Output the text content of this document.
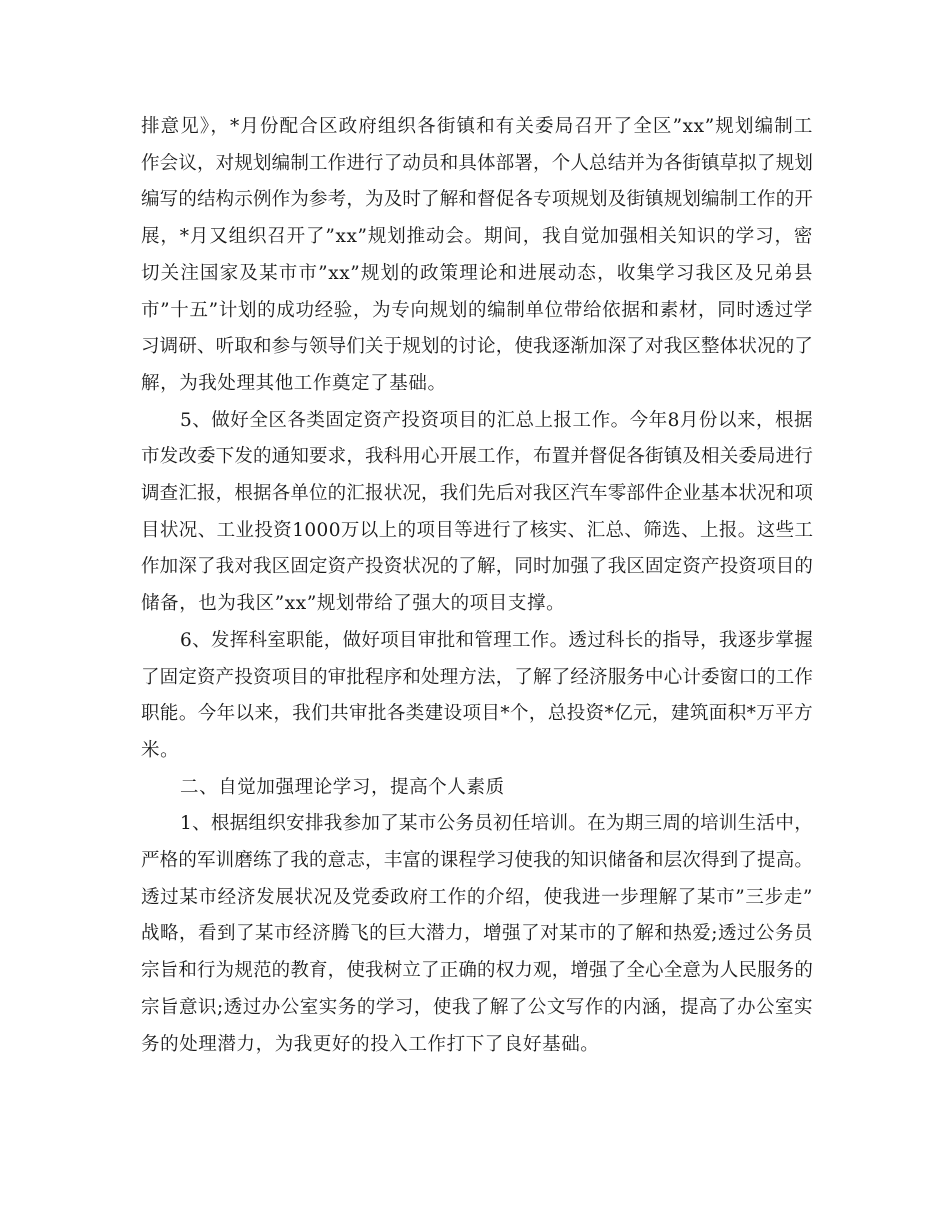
排意见》，*月份配合区政府组织各街镇和有关委局召开了全区”xx”规划编制工
作会议，对规划编制工作进行了动员和具体部署，个人总结并为各街镇草拟了规划
编写的结构示例作为参考，为及时了解和督促各专项规划及街镇规划编制工作的开
展，*月又组织召开了”xx”规划推动会。期间，我自觉加强相关知识的学习，密
切关注国家及某市市”xx”规划的政策理论和进展动态，收集学习我区及兄弟县
市”十五”计划的成功经验，为专向规划的编制单位带给依据和素材，同时透过学
习调研、听取和参与领导们关于规划的讨论，使我逐渐加深了对我区整体状况的了
解，为我处理其他工作奠定了基础。

5、做好全区各类固定资产投资项目的汇总上报工作。今年8月份以来，根据
市发改委下发的通知要求，我科用心开展工作，布置并督促各街镇及相关委局进行
调查汇报，根据各单位的汇报状况，我们先后对我区汽车零部件企业基本状况和项
目状况、工业投资1000万以上的项目等进行了核实、汇总、筛选、上报。这些工
作加深了我对我区固定资产投资状况的了解，同时加强了我区固定资产投资项目的
储备，也为我区”xx”规划带给了强大的项目支撑。

6、发挥科室职能，做好项目审批和管理工作。透过科长的指导，我逐步掌握
了固定资产投资项目的审批程序和处理方法，了解了经济服务中心计委窗口的工作
职能。今年以来，我们共审批各类建设项目*个，总投资*亿元，建筑面积*万平方
米。

二、自觉加强理论学习，提高个人素质

1、根据组织安排我参加了某市公务员初任培训。在为期三周的培训生活中，
严格的军训磨练了我的意志，丰富的课程学习使我的知识储备和层次得到了提高。
透过某市经济发展状况及党委政府工作的介绍，使我进一步理解了某市”三步走”
战略，看到了某市经济腾飞的巨大潜力，增强了对某市的了解和热爱;透过公务员
宗旨和行为规范的教育，使我树立了正确的权力观，增强了全心全意为人民服务的
宗旨意识;透过办公室实务的学习，使我了解了公文写作的内涵，提高了办公室实
务的处理潜力，为我更好的投入工作打下了良好基础。
